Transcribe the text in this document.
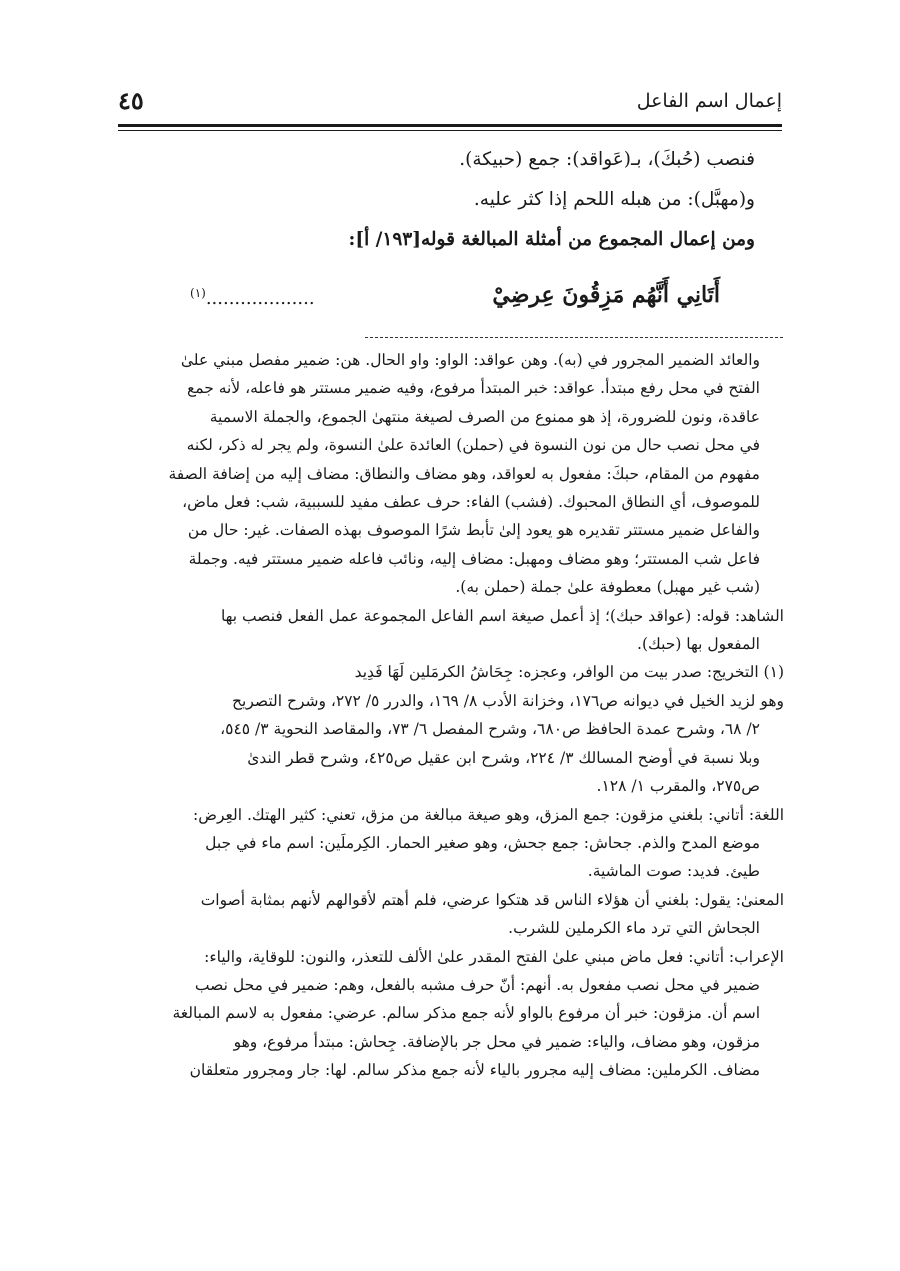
إعمال اسم الفاعل
٤٥

فنصب (حُبكَ)، بـ(عَواقد): جمع (حبيكة).

و(مهبَّل): من هبله اللحم إذا كثر عليه.

ومن إعمال المجموع من أمثلة المبالغة قوله[١٩٣/ أ]:

أَتَانِي أَنَّهُم مَزِقُونَ عِرضِيْ
...................$^{(١)}$

والعائد الضمير المجرور في (به). وهن عواقد: الواو: واو الحال. هن: ضمير مفصل مبني علىٰ

الفتح في محل رفع مبتدأ. عواقد: خبر المبتدأ مرفوع، وفيه ضمير مستتر هو فاعله، لأنه جمع

عاقدة، ونون للضرورة، إذ هو ممنوع من الصرف لصيغة منتهىٰ الجموع، والجملة الاسمية

في محل نصب حال من نون النسوة في (حملن) العائدة علىٰ النسوة، ولم يجر له ذكر، لكنه

مفهوم من المقام، حبكَ: مفعول به لعواقد، وهو مضاف والنطاق: مضاف إليه من إضافة الصفة

للموصوف، أي النطاق المحبوك. (فشب) الفاء: حرف عطف مفيد للسببية، شب: فعل ماض،

والفاعل ضمير مستتر تقديره هو يعود إلىٰ تأبط شرًا الموصوف بهذه الصفات. غير: حال من

فاعل شب المستتر؛ وهو مضاف ومهبل: مضاف إليه، ونائب فاعله ضمير مستتر فيه. وجملة

(شب غير مهبل) معطوفة علىٰ جملة (حملن به).

الشاهد: قوله: (عواقد حبك)؛ إذ أعمل صيغة اسم الفاعل المجموعة عمل الفعل فنصب بها

المفعول بها (حبك).

(١) التخريج: صدر بيت من الوافر، وعجزه: جِحَاشُ الكرمَلين لَهَا فَدِيد

وهو لزيد الخيل في ديوانه ص١٧٦، وخزانة الأدب ٨/ ١٦٩، والدرر ٥/ ٢٧٢، وشرح التصريح

٢/ ٦٨، وشرح عمدة الحافظ ص٦٨٠، وشرح المفصل ٦/ ٧٣، والمقاصد النحوية ٣/ ٥٤٥،

وبلا نسبة في أوضح المسالك ٣/ ٢٢٤، وشرح ابن عقيل ص٤٢٥، وشرح قطر الندىٰ

ص٢٧٥، والمقرب ١/ ١٢٨.

اللغة: أتاني: بلغني مزقون: جمع المزق، وهو صيغة مبالغة من مزق، تعني: كثير الهتك. العِرض:

موضع المدح والذم. جحاش: جمع جحش، وهو صغير الحمار. الكِرملَين: اسم ماء في جبل

طيئ. فديد: صوت الماشية.

المعنىٰ: يقول: بلغني أن هؤلاء الناس قد هتكوا عرضي، فلم أهتم لأقوالهم لأنهم بمثابة أصوات

الجحاش التي ترد ماء الكرملين للشرب.

الإعراب: أتاني: فعل ماض مبني علىٰ الفتح المقدر علىٰ الألف للتعذر، والنون: للوقاية، والياء:

ضمير في محل نصب مفعول به. أنهم: أنّ حرف مشبه بالفعل، وهم: ضمير في محل نصب

اسم أن. مزقون: خبر أن مرفوع بالواو لأنه جمع مذكر سالم. عرضي: مفعول به لاسم المبالغة

مزقون، وهو مضاف، والياء: ضمير في محل جر بالإضافة. جِحاش: مبتدأ مرفوع، وهو

مضاف. الكرملين: مضاف إليه مجرور بالياء لأنه جمع مذكر سالم. لها: جار ومجرور متعلقان
